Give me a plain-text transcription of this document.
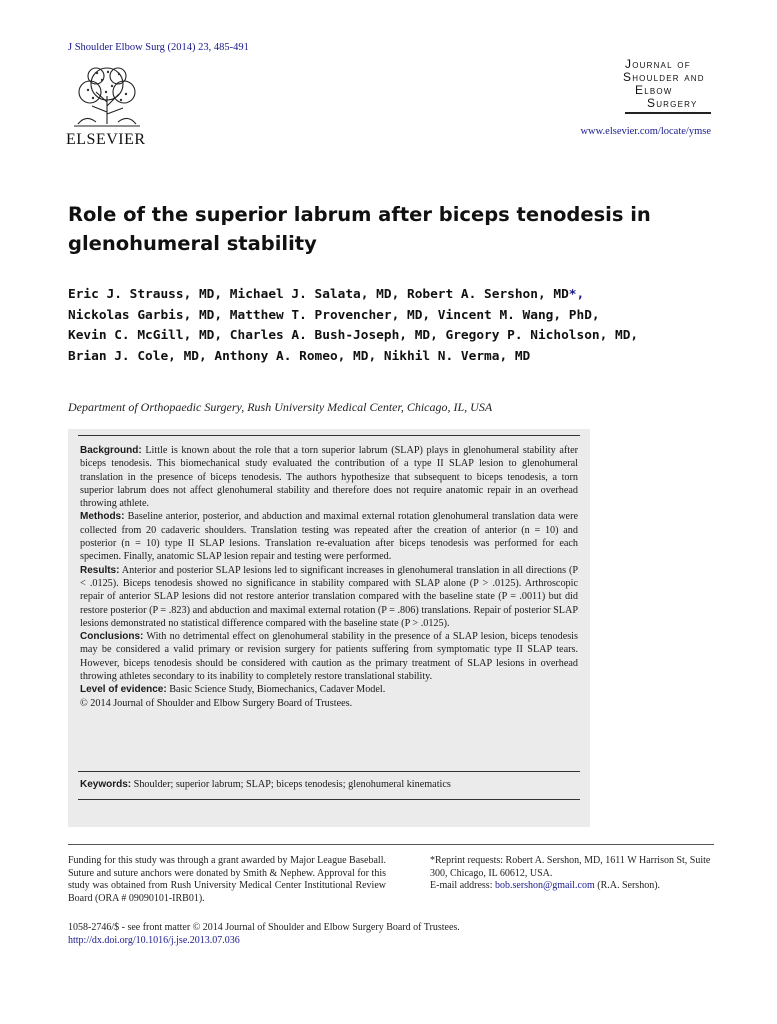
J Shoulder Elbow Surg (2014) 23, 485-491
ELSEVIER
Journal of
Shoulder and
Elbow
Surgery
www.elsevier.com/locate/ymse
Role of the superior labrum after biceps tenodesis in glenohumeral stability
Eric J. Strauss, MD, Michael J. Salata, MD, Robert A. Sershon, MD*,
Nickolas Garbis, MD, Matthew T. Provencher, MD, Vincent M. Wang, PhD,
Kevin C. McGill, MD, Charles A. Bush-Joseph, MD, Gregory P. Nicholson, MD,
Brian J. Cole, MD, Anthony A. Romeo, MD, Nikhil N. Verma, MD
Department of Orthopaedic Surgery, Rush University Medical Center, Chicago, IL, USA

Background: Little is known about the role that a torn superior labrum (SLAP) plays in glenohumeral stability after biceps tenodesis. This biomechanical study evaluated the contribution of a type II SLAP lesion to glenohumeral translation in the presence of biceps tenodesis. The authors hypothesize that subsequent to biceps tenodesis, a torn superior labrum does not affect glenohumeral stability and therefore does not require anatomic repair in an overhead throwing athlete.

Methods: Baseline anterior, posterior, and abduction and maximal external rotation glenohumeral translation data were collected from 20 cadaveric shoulders. Translation testing was repeated after the creation of anterior (n = 10) and posterior (n = 10) type II SLAP lesions. Translation re-evaluation after biceps tenodesis was performed for each specimen. Finally, anatomic SLAP lesion repair and testing were performed.

Results: Anterior and posterior SLAP lesions led to significant increases in glenohumeral translation in all directions (P < .0125). Biceps tenodesis showed no significance in stability compared with SLAP alone (P > .0125). Arthroscopic repair of anterior SLAP lesions did not restore anterior translation compared with the baseline state (P = .0011) but did restore posterior (P = .823) and abduction and maximal external rotation (P = .806) translations. Repair of posterior SLAP lesions demonstrated no statistical difference compared with the baseline state (P > .0125).

Conclusions: With no detrimental effect on glenohumeral stability in the presence of a SLAP lesion, biceps tenodesis may be considered a valid primary or revision surgery for patients suffering from symptomatic type II SLAP tears. However, biceps tenodesis should be considered with caution as the primary treatment of SLAP lesions in overhead throwing athletes secondary to its inability to completely restore translational stability.

Level of evidence: Basic Science Study, Biomechanics, Cadaver Model.

© 2014 Journal of Shoulder and Elbow Surgery Board of Trustees.

Keywords: Shoulder; superior labrum; SLAP; biceps tenodesis; glenohumeral kinematics
Funding for this study was through a grant awarded by Major League Baseball. Suture and suture anchors were donated by Smith & Nephew. Approval for this study was obtained from Rush University Medical Center Institutional Review Board (ORA # 09090101-IRB01).
*Reprint requests: Robert A. Sershon, MD, 1611 W Harrison St, Suite 300, Chicago, IL 60612, USA.
E-mail address: bob.sershon@gmail.com (R.A. Sershon).
1058-2746/$ - see front matter © 2014 Journal of Shoulder and Elbow Surgery Board of Trustees.
http://dx.doi.org/10.1016/j.jse.2013.07.036
